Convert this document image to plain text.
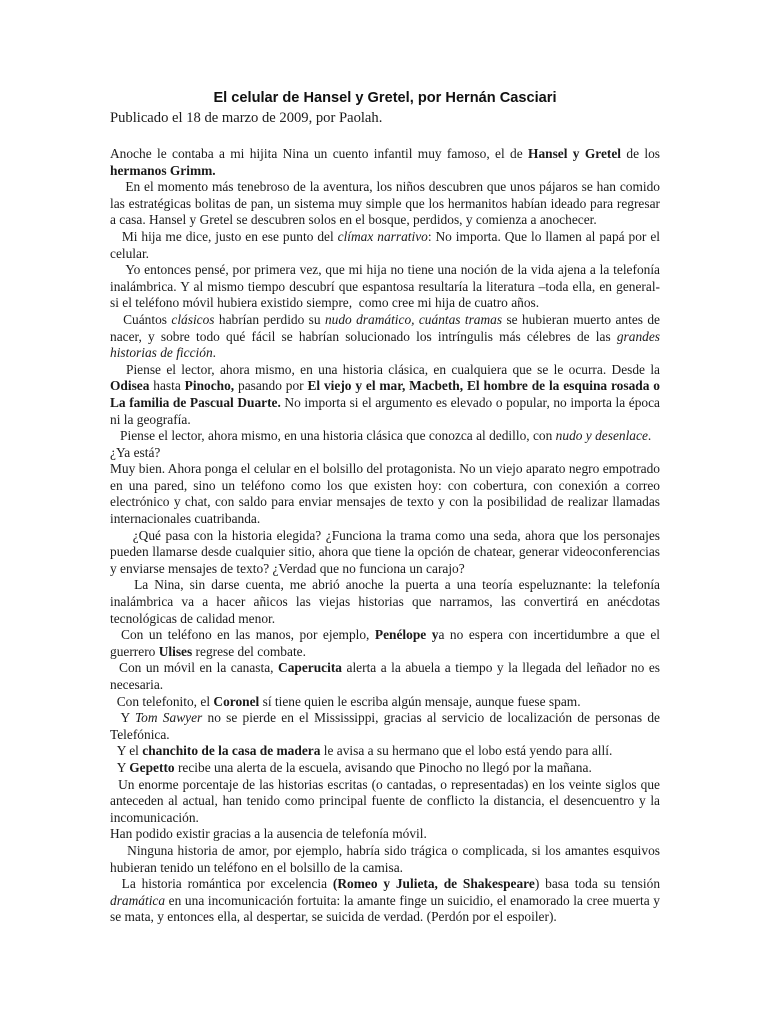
El celular de Hansel y Gretel, por Hernán Casciari

Publicado el 18 de marzo de 2009, por Paolah.

Anoche le contaba a mi hijita Nina un cuento infantil muy famoso, el de Hansel y Gretel de los hermanos Grimm.

En el momento más tenebroso de la aventura, los niños descubren que unos pájaros se han comido las estratégicas bolitas de pan, un sistema muy simple que los hermanitos habían ideado para regresar a casa. Hansel y Gretel se descubren solos en el bosque, perdidos, y comienza a anochecer.

Mi hija me dice, justo en ese punto del clímax narrativo: No importa. Que lo llamen al papá por el celular.

Yo entonces pensé, por primera vez, que mi hija no tiene una noción de la vida ajena a la telefonía inalámbrica. Y al mismo tiempo descubrí que espantosa resultaría la literatura –toda ella, en general- si el teléfono móvil hubiera existido siempre,  como cree mi hija de cuatro años.

Cuántos clásicos habrían perdido su nudo dramático, cuántas tramas se hubieran muerto antes de nacer, y sobre todo qué fácil se habrían solucionado los intríngulis más célebres de las grandes historias de ficción.

Piense el lector, ahora mismo, en una historia clásica, en cualquiera que se le ocurra. Desde la Odisea hasta Pinocho, pasando por El viejo y el mar, Macbeth, El hombre de la esquina rosada o La familia de Pascual Duarte. No importa si el argumento es elevado o popular, no importa la época ni la geografía.

Piense el lector, ahora mismo, en una historia clásica que conozca al dedillo, con nudo y desenlace.

¿Ya está?

Muy bien. Ahora ponga el celular en el bolsillo del protagonista. No un viejo aparato negro empotrado en una pared, sino un teléfono como los que existen hoy: con cobertura, con conexión a correo electrónico y chat, con saldo para enviar mensajes de texto y con la posibilidad de realizar llamadas internacionales cuatribanda.

¿Qué pasa con la historia elegida? ¿Funciona la trama como una seda, ahora que los personajes pueden llamarse desde cualquier sitio, ahora que tiene la opción de chatear, generar videoconferencias y enviarse mensajes de texto? ¿Verdad que no funciona un carajo?

La Nina, sin darse cuenta, me abrió anoche la puerta a una teoría espeluznante: la telefonía inalámbrica va a hacer añicos las viejas historias que narramos, las convertirá en anécdotas tecnológicas de calidad menor.

Con un teléfono en las manos, por ejemplo, Penélope ya no espera con incertidumbre a que el guerrero Ulises regrese del combate.

Con un móvil en la canasta, Caperucita alerta a la abuela a tiempo y la llegada del leñador no es necesaria.

Con telefonito, el Coronel sí tiene quien le escriba algún mensaje, aunque fuese spam.

Y Tom Sawyer no se pierde en el Mississippi, gracias al servicio de localización de personas de Telefónica.

Y el chanchito de la casa de madera le avisa a su hermano que el lobo está yendo para allí.

Y Gepetto recibe una alerta de la escuela, avisando que Pinocho no llegó por la mañana.

Un enorme porcentaje de las historias escritas (o cantadas, o representadas) en los veinte siglos que anteceden al actual, han tenido como principal fuente de conflicto la distancia, el desencuentro y la incomunicación.

Han podido existir gracias a la ausencia de telefonía móvil.

Ninguna historia de amor, por ejemplo, habría sido trágica o complicada, si los amantes esquivos hubieran tenido un teléfono en el bolsillo de la camisa.

La historia romántica por excelencia (Romeo y Julieta, de Shakespeare) basa toda su tensión dramática en una incomunicación fortuita: la amante finge un suicidio, el enamorado la cree muerta y se mata, y entonces ella, al despertar, se suicida de verdad. (Perdón por el espoiler).
